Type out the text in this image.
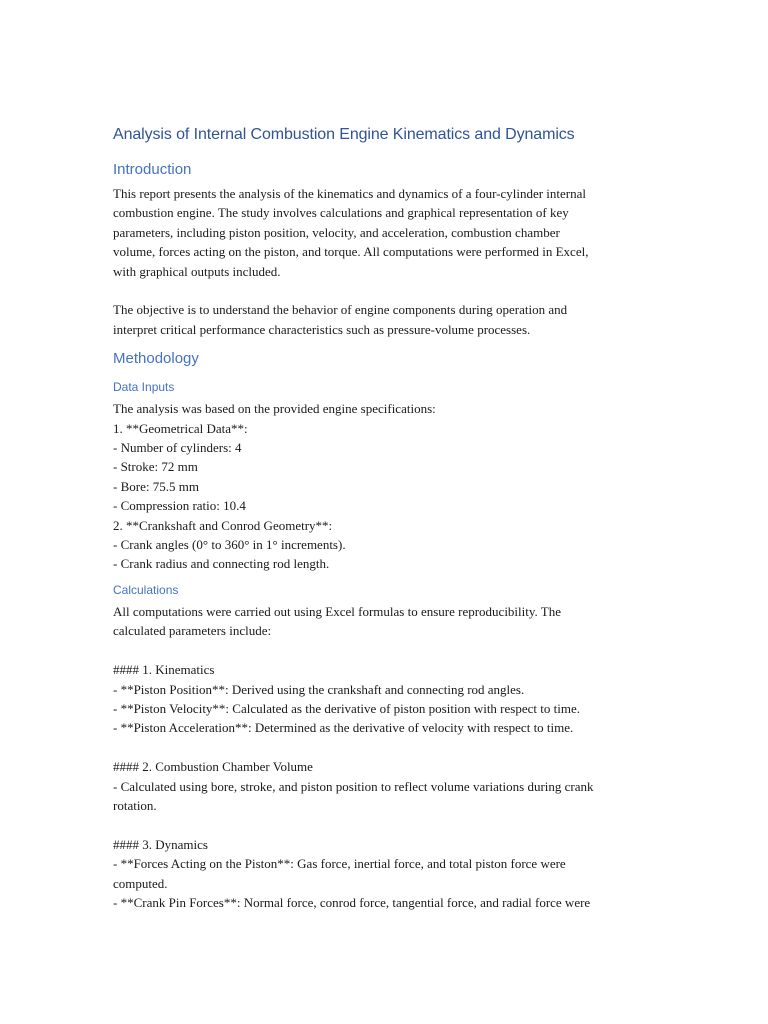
Analysis of Internal Combustion Engine Kinematics and Dynamics
Introduction

This report presents the analysis of the kinematics and dynamics of a four-cylinder internal
combustion engine. The study involves calculations and graphical representation of key
parameters, including piston position, velocity, and acceleration, combustion chamber
volume, forces acting on the piston, and torque. All computations were performed in Excel,
with graphical outputs included.

The objective is to understand the behavior of engine components during operation and
interpret critical performance characteristics such as pressure-volume processes.

Methodology
Data Inputs

The analysis was based on the provided engine specifications:
1. **Geometrical Data**:
- Number of cylinders: 4
- Stroke: 72 mm
- Bore: 75.5 mm
- Compression ratio: 10.4
2. **Crankshaft and Conrod Geometry**:
- Crank angles (0° to 360° in 1° increments).
- Crank radius and connecting rod length.

Calculations

All computations were carried out using Excel formulas to ensure reproducibility. The
calculated parameters include:

#### 1. Kinematics
- **Piston Position**: Derived using the crankshaft and connecting rod angles.
- **Piston Velocity**: Calculated as the derivative of piston position with respect to time.
- **Piston Acceleration**: Determined as the derivative of velocity with respect to time.

#### 2. Combustion Chamber Volume
- Calculated using bore, stroke, and piston position to reflect volume variations during crank
rotation.

#### 3. Dynamics
- **Forces Acting on the Piston**: Gas force, inertial force, and total piston force were
computed.
- **Crank Pin Forces**: Normal force, conrod force, tangential force, and radial force were
